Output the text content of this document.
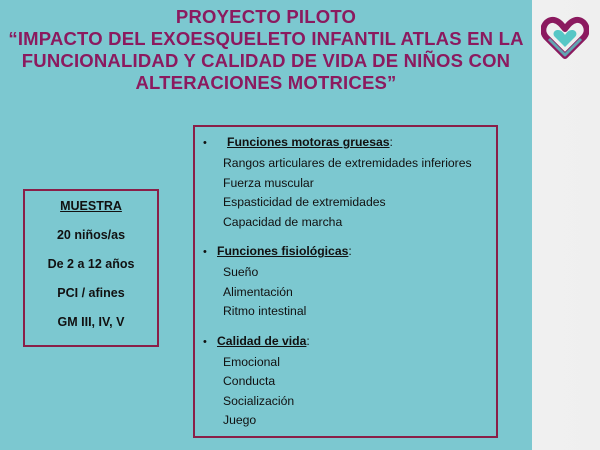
PROYECTO PILOTO
“IMPACTO DEL EXOESQUELETO INFANTIL ATLAS EN LA
FUNCIONALIDAD Y CALIDAD DE VIDA DE NIÑOS CON
ALTERACIONES MOTRICES”
MUESTRA
20 niños/as
De 2 a 12 años
PCI / afines
GM III, IV, V
•	Funciones motoras gruesas:
Rangos articulares de extremidades inferiores
Fuerza muscular
Espasticidad de extremidades
Capacidad de marcha
• Funciones fisiológicas:
Sueño
Alimentación
Ritmo intestinal
• Calidad de vida:
Emocional
Conducta
Socialización
Juego
